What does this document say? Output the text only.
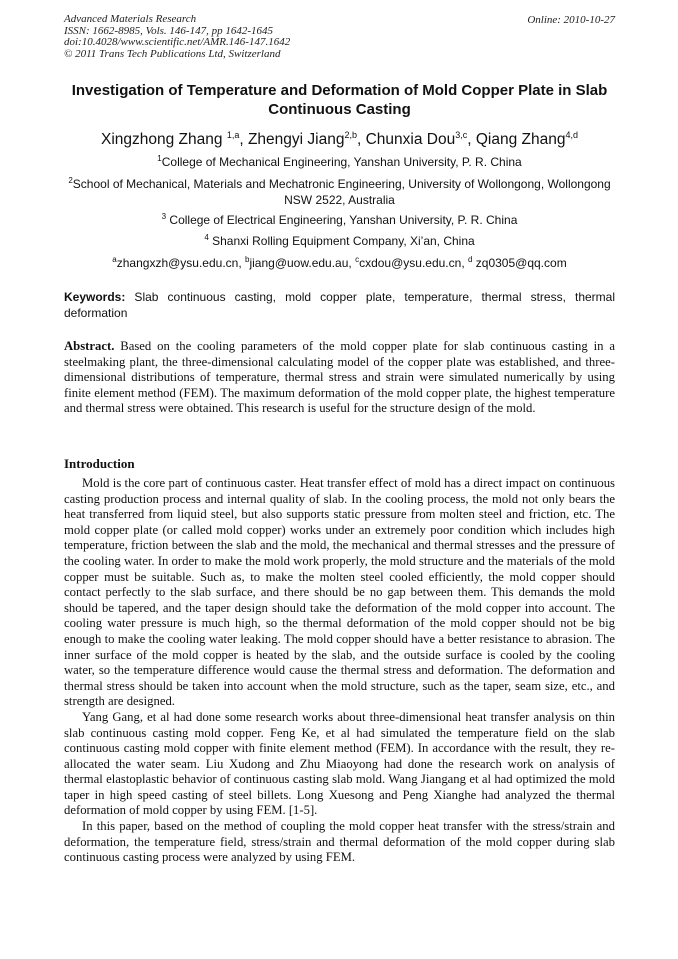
Advanced Materials Research
ISSN: 1662-8985, Vols. 146-147, pp 1642-1645
doi:10.4028/www.scientific.net/AMR.146-147.1642
© 2011 Trans Tech Publications Ltd, Switzerland
Online: 2010-10-27
Investigation of Temperature and Deformation of Mold Copper Plate in Slab Continuous Casting
Xingzhong Zhang $^{1,a}$, Zhengyi Jiang$^{2,b}$, Chunxia Dou$^{3,c}$, Qiang Zhang$^{4,d}$
$^1$College of Mechanical Engineering, Yanshan University, P. R. China
$^2$School of Mechanical, Materials and Mechatronic Engineering, University of Wollongong, Wollongong NSW 2522, Australia
$^3$ College of Electrical Engineering, Yanshan University, P. R. China
$^4$ Shanxi Rolling Equipment Company, Xi’an, China
$^a$zhangxzh@ysu.edu.cn, $^b$jiang@uow.edu.au, $^c$cxdou@ysu.edu.cn, $^d$ zq0305@qq.com
Keywords: Slab continuous casting, mold copper plate, temperature, thermal stress, thermal deformation

Abstract. Based on the cooling parameters of the mold copper plate for slab continuous casting in a steelmaking plant, the three-dimensional calculating model of the copper plate was established, and three-dimensional distributions of temperature, thermal stress and strain were simulated numerically by using finite element method (FEM). The maximum deformation of the mold copper plate, the highest temperature and thermal stress were obtained. This research is useful for the structure design of the mold.

Introduction

Mold is the core part of continuous caster. Heat transfer effect of mold has a direct impact on continuous casting production process and internal quality of slab. In the cooling process, the mold not only bears the heat transferred from liquid steel, but also supports static pressure from molten steel and friction, etc. The mold copper plate (or called mold copper) works under an extremely poor condition which includes high temperature, friction between the slab and the mold, the mechanical and thermal stresses and the pressure of the cooling water. In order to make the mold work properly, the mold structure and the materials of the mold copper must be suitable. Such as, to make the molten steel cooled efficiently, the mold copper should contact perfectly to the slab surface, and there should be no gap between them. This demands the mold should be tapered, and the taper design should take the deformation of the mold copper into account. The cooling water pressure is much high, so the thermal deformation of the mold copper should not be big enough to make the cooling water leaking. The mold copper should have a better resistance to abrasion. The inner surface of the mold copper is heated by the slab, and the outside surface is cooled by the cooling water, so the temperature difference would cause the thermal stress and deformation. The deformation and thermal stress should be taken into account when the mold structure, such as the taper, seam size, etc., and strength are designed.

Yang Gang, et al had done some research works about three-dimensional heat transfer analysis on thin slab continuous casting mold copper. Feng Ke, et al had simulated the temperature field on the slab continuous casting mold copper with finite element method (FEM). In accordance with the result, they re-allocated the water seam. Liu Xudong and Zhu Miaoyong had done the research work on analysis of thermal elastoplastic behavior of continuous casting slab mold. Wang Jiangang et al had optimized the mold taper in high speed casting of steel billets. Long Xuesong and Peng Xianghe had analyzed the thermal deformation of mold copper by using FEM. [1-5].

In this paper, based on the method of coupling the mold copper heat transfer with the stress/strain and deformation, the temperature field, stress/strain and thermal deformation of the mold copper during slab continuous casting process were analyzed by using FEM.
